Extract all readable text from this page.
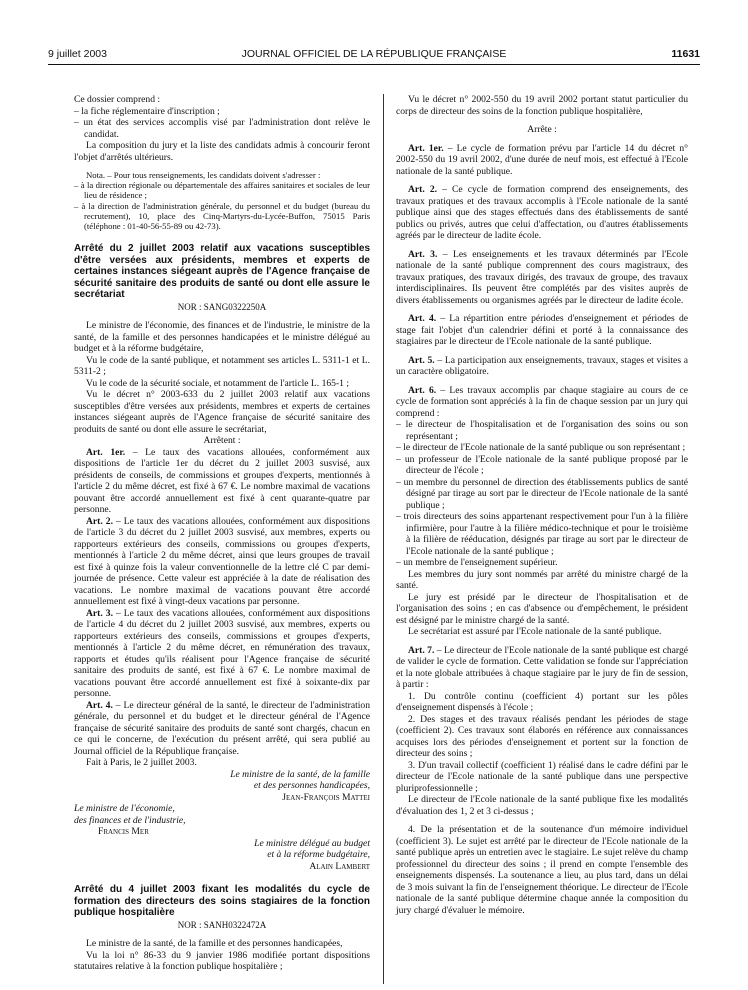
9 juillet 2003	JOURNAL OFFICIEL DE LA RÉPUBLIQUE FRANÇAISE	11631

Ce dossier comprend :

– la fiche réglementaire d'inscription ;

– un état des services accomplis visé par l'administration dont relève le candidat.

La composition du jury et la liste des candidats admis à concourir feront l'objet d'arrêtés ultérieurs.

Nota. – Pour tous renseignements, les candidats doivent s'adresser :

– à la direction régionale ou départementale des affaires sanitaires et sociales de leur lieu de résidence ;

– à la direction de l'administration générale, du personnel et du budget (bureau du recrutement), 10, place des Cinq-Martyrs-du-Lycée-Buffon, 75015 Paris (téléphone : 01-40-56-55-89 ou 42-73).

Arrêté du 2 juillet 2003 relatif aux vacations susceptibles d'être versées aux présidents, membres et experts de certaines instances siégeant auprès de l'Agence française de sécurité sanitaire des produits de santé ou dont elle assure le secrétariat

NOR : SANG0322250A

Le ministre de l'économie, des finances et de l'industrie, le ministre de la santé, de la famille et des personnes handicapées et le ministre délégué au budget et à la réforme budgétaire,

Vu le code de la santé publique, et notamment ses articles L. 5311-1 et L. 5311-2 ;

Vu le code de la sécurité sociale, et notamment de l'article L. 165-1 ;

Vu le décret n° 2003-633 du 2 juillet 2003 relatif aux vacations susceptibles d'être versées aux présidents, membres et experts de certaines instances siégeant auprès de l'Agence française de sécurité sanitaire des produits de santé ou dont elle assure le secrétariat,

Arrêtent :

Art. 1er. – Le taux des vacations allouées, conformément aux dispositions de l'article 1er du décret du 2 juillet 2003 susvisé, aux présidents de conseils, de commissions et groupes d'experts, mentionnés à l'article 2 du même décret, est fixé à 67 €. Le nombre maximal de vacations pouvant être accordé annuellement est fixé à cent quarante-quatre par personne.

Art. 2. – Le taux des vacations allouées, conformément aux dispositions de l'article 3 du décret du 2 juillet 2003 susvisé, aux membres, experts ou rapporteurs extérieurs des conseils, commissions ou groupes d'experts, mentionnés à l'article 2 du même décret, ainsi que leurs groupes de travail est fixé à quinze fois la valeur conventionnelle de la lettre clé C par demi-journée de présence. Cette valeur est appréciée à la date de réalisation des vacations. Le nombre maximal de vacations pouvant être accordé annuellement est fixé à vingt-deux vacations par personne.

Art. 3. – Le taux des vacations allouées, conformément aux dispositions de l'article 4 du décret du 2 juillet 2003 susvisé, aux membres, experts ou rapporteurs extérieurs des conseils, commissions et groupes d'experts, mentionnés à l'article 2 du même décret, en rémunération des travaux, rapports et études qu'ils réalisent pour l'Agence française de sécurité sanitaire des produits de santé, est fixé à 67 €. Le nombre maximal de vacations pouvant être accordé annuellement est fixé à soixante-dix par personne.

Art. 4. – Le directeur général de la santé, le directeur de l'administration générale, du personnel et du budget et le directeur général de l'Agence française de sécurité sanitaire des produits de santé sont chargés, chacun en ce qui le concerne, de l'exécution du présent arrêté, qui sera publié au Journal officiel de la République française.

Fait à Paris, le 2 juillet 2003.

Le ministre de la santé, de la famille

et des personnes handicapées,

Jean-François Mattei

Le ministre de l'économie,

des finances et de l'industrie,

Francis Mer

Le ministre délégué au budget

et à la réforme budgétaire,

Alain Lambert

Arrêté du 4 juillet 2003 fixant les modalités du cycle de formation des directeurs des soins stagiaires de la fonction publique hospitalière

NOR : SANH0322472A

Le ministre de la santé, de la famille et des personnes handicapées,

Vu la loi n° 86-33 du 9 janvier 1986 modifiée portant dispositions statutaires relative à la fonction publique hospitalière ;

Vu le décret n° 2002-550 du 19 avril 2002 portant statut particulier du corps de directeur des soins de la fonction publique hospitalière,

Arrête :

Art. 1er. – Le cycle de formation prévu par l'article 14 du décret n° 2002-550 du 19 avril 2002, d'une durée de neuf mois, est effectué à l'Ecole nationale de la santé publique.

Art. 2. – Ce cycle de formation comprend des enseignements, des travaux pratiques et des travaux accomplis à l'Ecole nationale de la santé publique ainsi que des stages effectués dans des établissements de santé publics ou privés, autres que celui d'affectation, ou d'autres établissements agréés par le directeur de ladite école.

Art. 3. – Les enseignements et les travaux déterminés par l'Ecole nationale de la santé publique comprennent des cours magistraux, des travaux pratiques, des travaux dirigés, des travaux de groupe, des travaux interdisciplinaires. Ils peuvent être complétés par des visites auprès de divers établissements ou organismes agréés par le directeur de ladite école.

Art. 4. – La répartition entre périodes d'enseignement et périodes de stage fait l'objet d'un calendrier défini et porté à la connaissance des stagiaires par le directeur de l'Ecole nationale de la santé publique.

Art. 5. – La participation aux enseignements, travaux, stages et visites a un caractère obligatoire.

Art. 6. – Les travaux accomplis par chaque stagiaire au cours de ce cycle de formation sont appréciés à la fin de chaque session par un jury qui comprend :

– le directeur de l'hospitalisation et de l'organisation des soins ou son représentant ;

– le directeur de l'Ecole nationale de la santé publique ou son représentant ;

– un professeur de l'Ecole nationale de la santé publique proposé par le directeur de l'école ;

– un membre du personnel de direction des établissements publics de santé désigné par tirage au sort par le directeur de l'Ecole nationale de la santé publique ;

– trois directeurs des soins appartenant respectivement pour l'un à la filière infirmière, pour l'autre à la filière médico-technique et pour le troisième à la filière de rééducation, désignés par tirage au sort par le directeur de l'Ecole nationale de la santé publique ;

– un membre de l'enseignement supérieur.

Les membres du jury sont nommés par arrêté du ministre chargé de la santé.

Le jury est présidé par le directeur de l'hospitalisation et de l'organisation des soins ; en cas d'absence ou d'empêchement, le président est désigné par le ministre chargé de la santé.

Le secrétariat est assuré par l'Ecole nationale de la santé publique.

Art. 7. – Le directeur de l'Ecole nationale de la santé publique est chargé de valider le cycle de formation. Cette validation se fonde sur l'appréciation et la note globale attribuées à chaque stagiaire par le jury de fin de session, à partir :

1. Du contrôle continu (coefficient 4) portant sur les pôles d'enseignement dispensés à l'école ;

2. Des stages et des travaux réalisés pendant les périodes de stage (coefficient 2). Ces travaux sont élaborés en référence aux connaissances acquises lors des périodes d'enseignement et portent sur la fonction de directeur des soins ;

3. D'un travail collectif (coefficient 1) réalisé dans le cadre défini par le directeur de l'Ecole nationale de la santé publique dans une perspective pluriprofessionnelle ;

Le directeur de l'Ecole nationale de la santé publique fixe les modalités d'évaluation des 1, 2 et 3 ci-dessus ;

4. De la présentation et de la soutenance d'un mémoire individuel (coefficient 3). Le sujet est arrêté par le directeur de l'Ecole nationale de la santé publique après un entretien avec le stagiaire. Le sujet relève du champ professionnel du directeur des soins ; il prend en compte l'ensemble des enseignements dispensés. La soutenance a lieu, au plus tard, dans un délai de 3 mois suivant la fin de l'enseignement théorique. Le directeur de l'Ecole nationale de la santé publique détermine chaque année la composition du jury chargé d'évaluer le mémoire.
